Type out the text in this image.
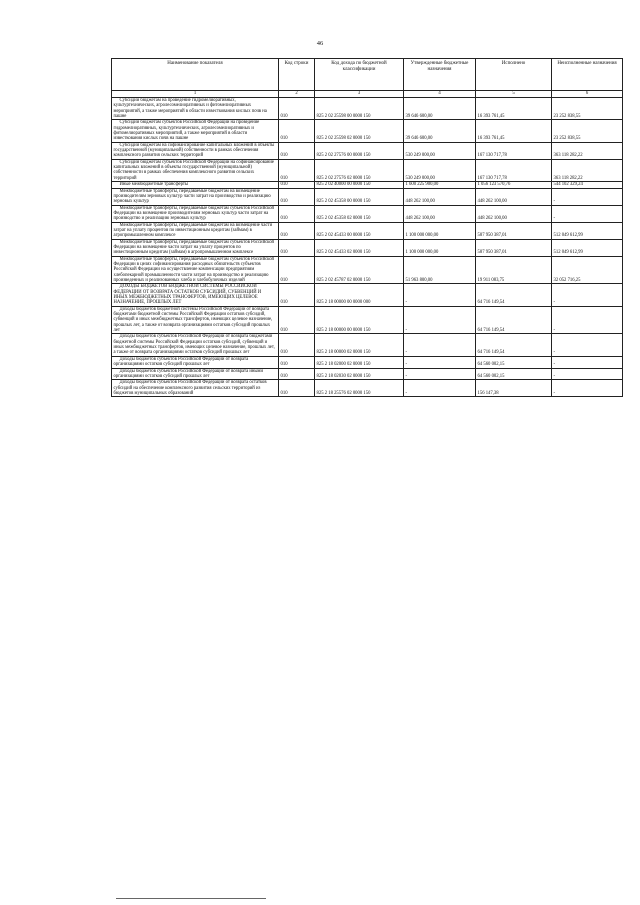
46
Наименование показателя	Код строки	Код дохода по бюджетной классификации	Утвержденные бюджетные назначения	Исполнено	Неисполненные назначения
1	2	3	4	5	6
Субсидии бюджетам на проведение гидромелиоративных, культуртехнических, агролесомелиоративных и фитомелиоративных мероприятий, а также мероприятий в области известкования кислых почв на пашне	010	825 2 02 25598 00 0000 150	39 646 600,00	16 393 761,45	23 252 838,55
Субсидии бюджетам субъектов Российской Федерации на проведение гидромелиоративных, культуртехнических, агролесомелиоративных и фитомелиоративных мероприятий, а также мероприятий в области известкования кислых почв на пашне	010	825 2 02 25598 02 0000 150	39 646 600,00	16 393 761,45	23 252 838,55
Субсидии бюджетам на софинансирование капитальных вложений в объекты государственной (муниципальной) собственности в рамках обеспечения комплексного развития сельских территорий	010	825 2 02 27576 00 0000 150	530 249 000,00	167 130 717,78	363 118 282,22
Субсидии бюджетам субъектов Российской Федерации на софинансирование капитальных вложений в объекты государственной (муниципальной) собственности в рамках обеспечения комплексного развития сельских территорий	010	825 2 02 27576 02 0000 150	530 249 000,00	167 130 717,78	363 118 282,22
Иные межбюджетные трансферты	010	825 2 02 40000 00 0000 150	1 600 225 900,00	1 056 123 570,76	544 102 329,24
Межбюджетные трансферты, передаваемые бюджетам на возмещение производителям зерновых культур части затрат на производство и реализацию зерновых культур	010	825 2 02 45358 00 0000 150	448 262 100,00	448 262 100,00	-
Межбюджетные трансферты, передаваемые бюджетам субъектов Российской Федерации на возмещение производителям зерновых культур части затрат на производство и реализацию зерновых культур	010	825 2 02 45358 02 0000 150	448 262 100,00	448 262 100,00	-
Межбюджетные трансферты, передаваемые бюджетам на возмещение части затрат на уплату процентов по инвестиционным кредитам (займам) в агропромышленном комплексе	010	825 2 02 45433 00 0000 150	1 100 000 000,00	587 950 387,01	512 049 612,99
Межбюджетные трансферты, передаваемые бюджетам субъектов Российской Федерации на возмещение части затрат на уплату процентов по инвестиционным кредитам (займам) в агропромышленном комплексе	010	825 2 02 45433 02 0000 150	1 100 000 000,00	587 950 387,01	512 049 612,99
Межбюджетные трансферты, передаваемые бюджетам субъектов Российской Федерации в целях софинансирования расходных обязательств субъектов Российской Федерации на осуществление компенсации предприятиям хлебопекарной промышленности части затрат на производство и реализацию произведенных и реализованных хлеба и хлебобулочных изделий	010	825 2 02 45787 02 0000 150	51 963 800,00	19 911 083,75	32 052 716,25
ДОХОДЫ БЮДЖЕТОВ БЮДЖЕТНОЙ СИСТЕМЫ РОССИЙСКОЙ ФЕДЕРАЦИИ ОТ ВОЗВРАТА ОСТАТКОВ СУБСИДИЙ, СУБВЕНЦИЙ И ИНЫХ МЕЖБЮДЖЕТНЫХ ТРАНСФЕРТОВ, ИМЕЮЩИХ ЦЕЛЕВОЕ НАЗНАЧЕНИЕ, ПРОШЛЫХ ЛЕТ	010	825 2 18 00000 00 0000 000	-	64 716 149,54	-
Доходы бюджетов бюджетной системы Российской Федерации от возврата бюджетами бюджетной системы Российской Федерации остатков субсидий, субвенций и иных межбюджетных трансфертов, имеющих целевое назначение, прошлых лет, а также от возврата организациями остатков субсидий прошлых лет	010	825 2 18 00000 00 0000 150	-	64 716 149,54	-
Доходы бюджетов субъектов Российской Федерации от возврата бюджетами бюджетной системы Российской Федерации остатков субсидий, субвенций и иных межбюджетных трансфертов, имеющих целевое назначение, прошлых лет, а также от возврата организациями остатков субсидий прошлых лет	010	825 2 18 00000 02 0000 150	-	64 716 149,54	-
Доходы бюджетов субъектов Российской Федерации от возврата организациями остатков субсидий прошлых лет	010	825 2 18 02000 02 0000 150	-	64 560 002,15	-
Доходы бюджетов субъектов Российской Федерации от возврата иными организациями остатков субсидий прошлых лет	010	825 2 18 02030 02 0000 150	-	64 560 002,15	-
Доходы бюджетов субъектов Российской Федерации от возврата остатков субсидий на обеспечение комплексного развития сельских территорий из бюджетов муниципальных образований	010	825 2 18 25576 02 0000 150	-	156 147,38	-
